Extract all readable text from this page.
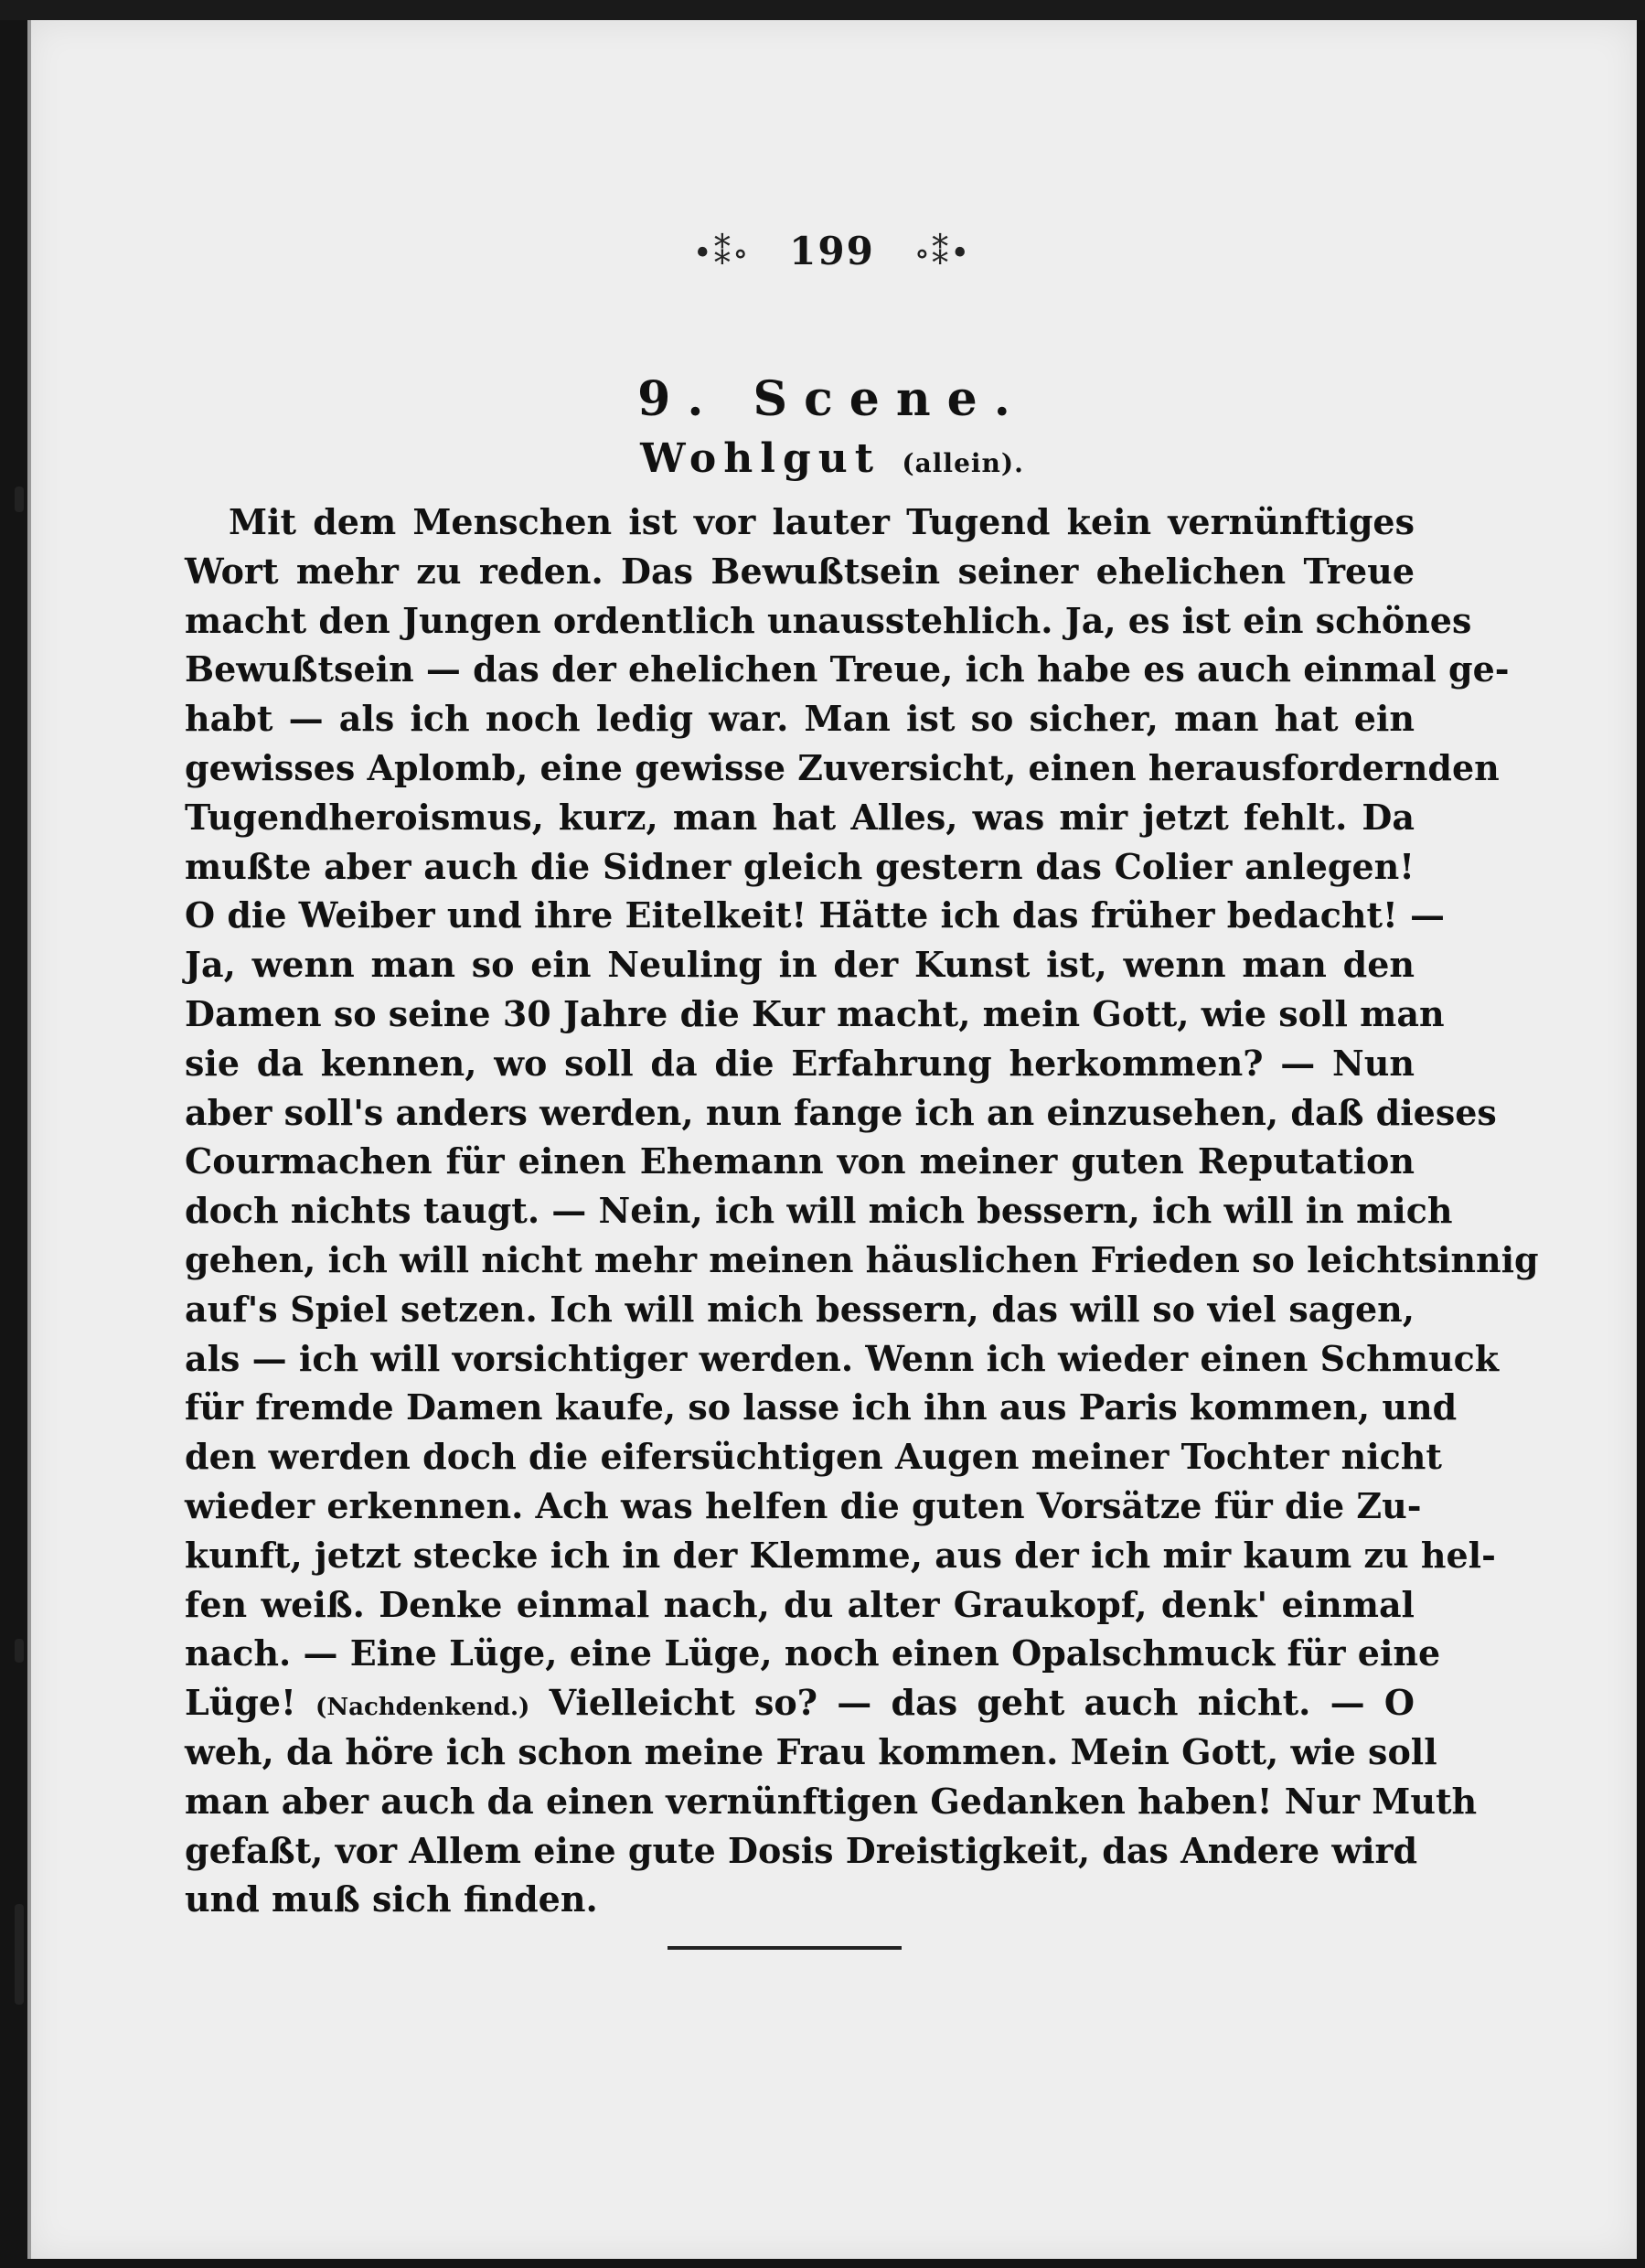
•⁑∘ 199 ∘⁑•
9. Scene.
Wohlgut (allein).
Mit dem Menschen ist vor lauter Tugend kein vernünftiges
Wort mehr zu reden. Das Bewußtsein seiner ehelichen Treue
macht den Jungen ordentlich unausstehlich. Ja, es ist ein schönes
Bewußtsein — das der ehelichen Treue, ich habe es auch einmal ge-
habt — als ich noch ledig war. Man ist so sicher, man hat ein
gewisses Aplomb, eine gewisse Zuversicht, einen herausfordernden
Tugendheroismus, kurz, man hat Alles, was mir jetzt fehlt. Da
mußte aber auch die Sidner gleich gestern das Colier anlegen!
O die Weiber und ihre Eitelkeit! Hätte ich das früher bedacht! —
Ja, wenn man so ein Neuling in der Kunst ist, wenn man den
Damen so seine 30 Jahre die Kur macht, mein Gott, wie soll man
sie da kennen, wo soll da die Erfahrung herkommen? — Nun
aber soll's anders werden, nun fange ich an einzusehen, daß dieses
Courmachen für einen Ehemann von meiner guten Reputation
doch nichts taugt. — Nein, ich will mich bessern, ich will in mich
gehen, ich will nicht mehr meinen häuslichen Frieden so leichtsinnig
auf's Spiel setzen. Ich will mich bessern, das will so viel sagen,
als — ich will vorsichtiger werden. Wenn ich wieder einen Schmuck
für fremde Damen kaufe, so lasse ich ihn aus Paris kommen, und
den werden doch die eifersüchtigen Augen meiner Tochter nicht
wieder erkennen. Ach was helfen die guten Vorsätze für die Zu-
kunft, jetzt stecke ich in der Klemme, aus der ich mir kaum zu hel-
fen weiß. Denke einmal nach, du alter Graukopf, denk' einmal
nach. — Eine Lüge, eine Lüge, noch einen Opalschmuck für eine
Lüge! (Nachdenkend.) Vielleicht so? — das geht auch nicht. — O
weh, da höre ich schon meine Frau kommen. Mein Gott, wie soll
man aber auch da einen vernünftigen Gedanken haben! Nur Muth
gefaßt, vor Allem eine gute Dosis Dreistigkeit, das Andere wird
und muß sich finden.
